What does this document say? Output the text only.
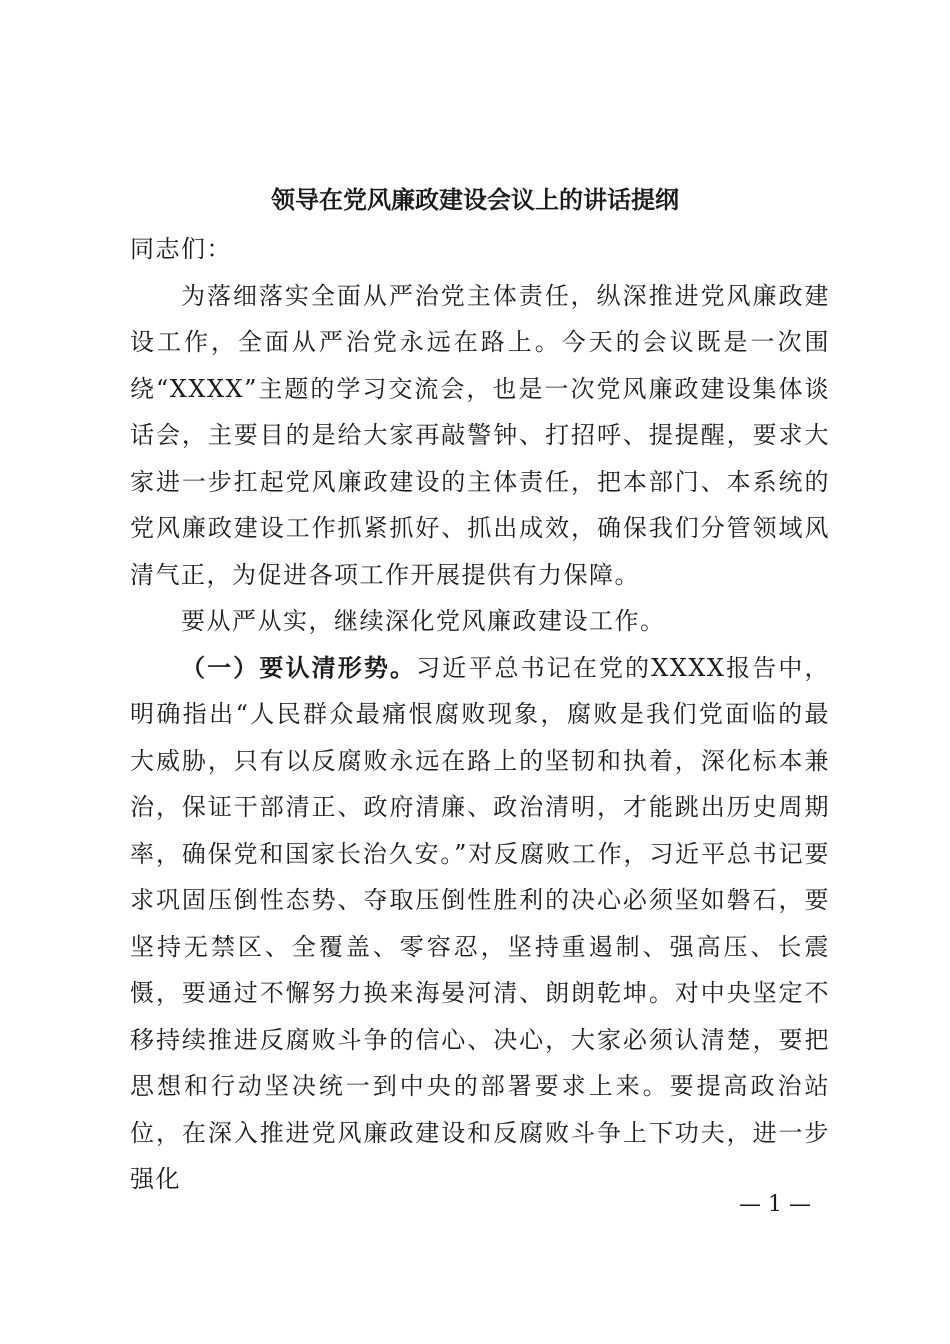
领导在党风廉政建设会议上的讲话提纲

同志们：

为落细落实全面从严治党主体责任，纵深推进党风廉政建设工作，全面从严治党永远在路上。今天的会议既是一次围绕“XXXX”主题的学习交流会，也是一次党风廉政建设集体谈话会，主要目的是给大家再敲警钟、打招呼、提提醒，要求大家进一步扛起党风廉政建设的主体责任，把本部门、本系统的党风廉政建设工作抓紧抓好、抓出成效，确保我们分管领域风清气正，为促进各项工作开展提供有力保障。

要从严从实，继续深化党风廉政建设工作。

（一）要认清形势。习近平总书记在党的XXXX报告中，明确指出“人民群众最痛恨腐败现象，腐败是我们党面临的最大威胁，只有以反腐败永远在路上的坚韧和执着，深化标本兼治，保证干部清正、政府清廉、政治清明，才能跳出历史周期率，确保党和国家长治久安。”对反腐败工作，习近平总书记要求巩固压倒性态势、夺取压倒性胜利的决心必须坚如磐石，要坚持无禁区、全覆盖、零容忍，坚持重遏制、强高压、长震慑，要通过不懈努力换来海晏河清、朗朗乾坤。对中央坚定不移持续推进反腐败斗争的信心、决心，大家必须认清楚，要把思想和行动坚决统一到中央的部署要求上来。要提高政治站位，在深入推进党风廉政建设和反腐败斗争上下功夫，进一步强化

— 1 —
